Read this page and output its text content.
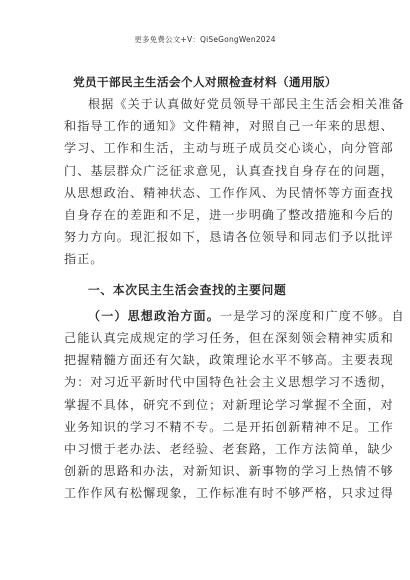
更多免费公文+V：QiSeGongWen2024
党员干部民主生活会个人对照检查材料（通用版）
根据《关于认真做好党员领导干部民主生活会相关准备
和指导工作的通知》文件精神，对照自己一年来的思想、
学习、工作和生活，主动与班子成员交心谈心，向分管部
门、基层群众广泛征求意见，认真查找自身存在的问题，
从思想政治、精神状态、工作作风、为民情怀等方面查找
自身存在的差距和不足，进一步明确了整改措施和今后的
努力方向。现汇报如下，恳请各位领导和同志们予以批评
指正。
一、本次民主生活会查找的主要问题
（一）思想政治方面。一是学习的深度和广度不够。自
己能认真完成规定的学习任务，但在深刻领会精神实质和
把握精髓方面还有欠缺，政策理论水平不够高。主要表现
为：对习近平新时代中国特色社会主义思想学习不透彻，
掌握不具体，研究不到位；对新理论学习掌握不全面，对
业务知识的学习不精不专。二是开拓创新精神不足。工作
中习惯于老办法、老经验、老套路，工作方法简单，缺少
创新的思路和办法，对新知识、新事物的学习上热情不够
工作作风有松懈现象，工作标准有时不够严格，只求过得
